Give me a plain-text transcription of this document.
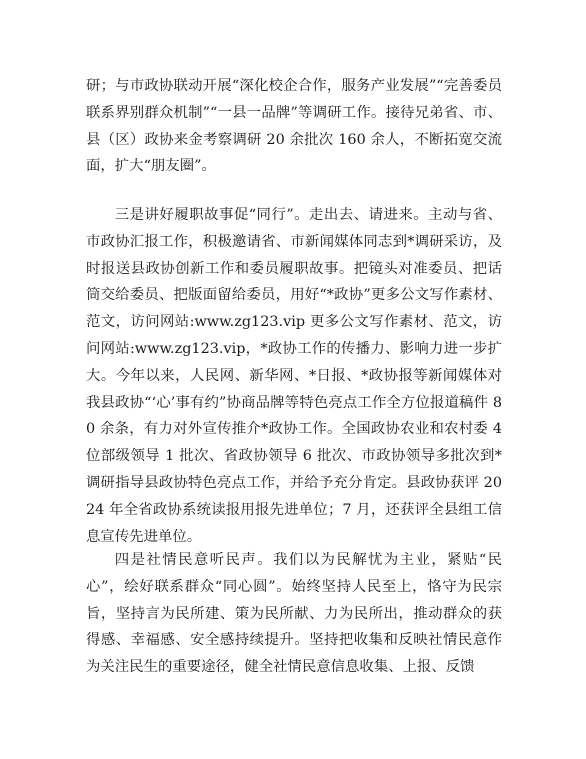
研；与市政协联动开展“深化校企合作，服务产业发展”“完善委员联系界别群众机制”“一县一品牌”等调研工作。接待兄弟省、市、县（区）政协来金考察调研 20 余批次 160 余人，不断拓宽交流面，扩大“朋友圈”。

三是讲好履职故事促“同行”。走出去、请进来。主动与省、市政协汇报工作，积极邀请省、市新闻媒体同志到*调研采访，及时报送县政协创新工作和委员履职故事。把镜头对准委员、把话筒交给委员、把版面留给委员，用好“*政协”更多公文写作素材、范文，访问网站:www.zg123.vip 更多公文写作素材、范文，访问网站:www.zg123.vip，*政协工作的传播力、影响力进一步扩大。今年以来，人民网、新华网、*日报、*政协报等新闻媒体对我县政协“‘心’事有约”协商品牌等特色亮点工作全方位报道稿件 80 余条，有力对外宣传推介*政协工作。全国政协农业和农村委 4 位部级领导 1 批次、省政协领导 6 批次、市政协领导多批次到*调研指导县政协特色亮点工作，并给予充分肯定。县政协获评 2024 年全省政协系统读报用报先进单位；7 月，还获评全县组工信息宣传先进单位。

四是社情民意听民声。我们以为民解忧为主业，紧贴“民心”，绘好联系群众“同心圆”。始终坚持人民至上，恪守为民宗旨，坚持言为民所建、策为民所献、力为民所出，推动群众的获得感、幸福感、安全感持续提升。坚持把收集和反映社情民意作为关注民生的重要途径，健全社情民意信息收集、上报、反馈
